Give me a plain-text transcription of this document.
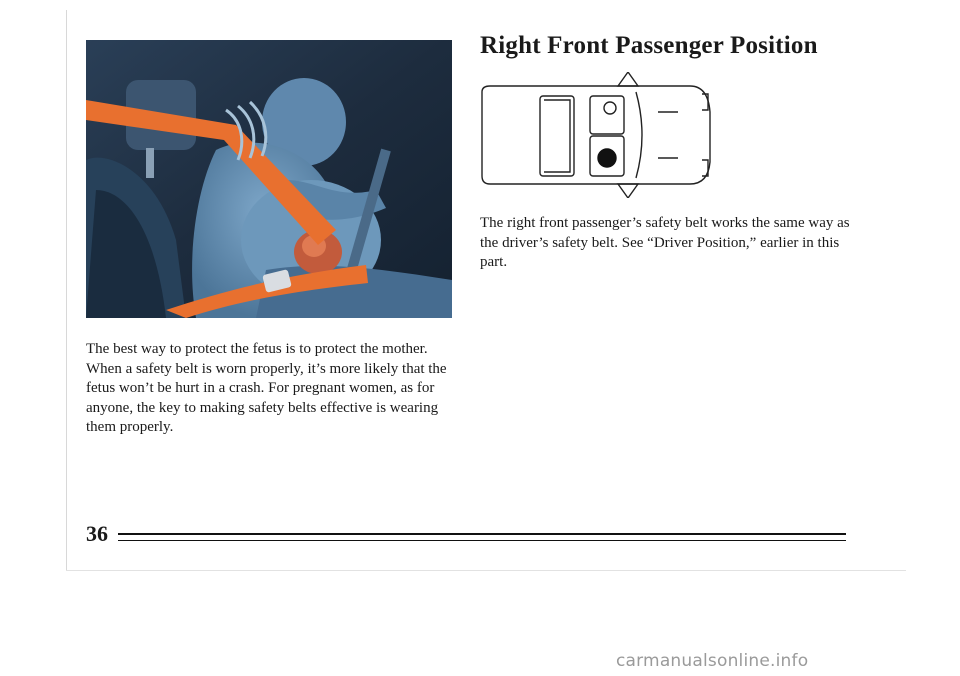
The best way to protect the fetus is to protect the mother. When a safety belt is worn properly, it’s more likely that the fetus won’t be hurt in a crash. For pregnant women, as for anyone, the key to making safety belts effective is wearing them properly.

Right Front Passenger Position

The right front passenger’s safety belt works the same way as the driver’s safety belt. See “Driver Position,” earlier in this part.

36
carmanualsonline.info
